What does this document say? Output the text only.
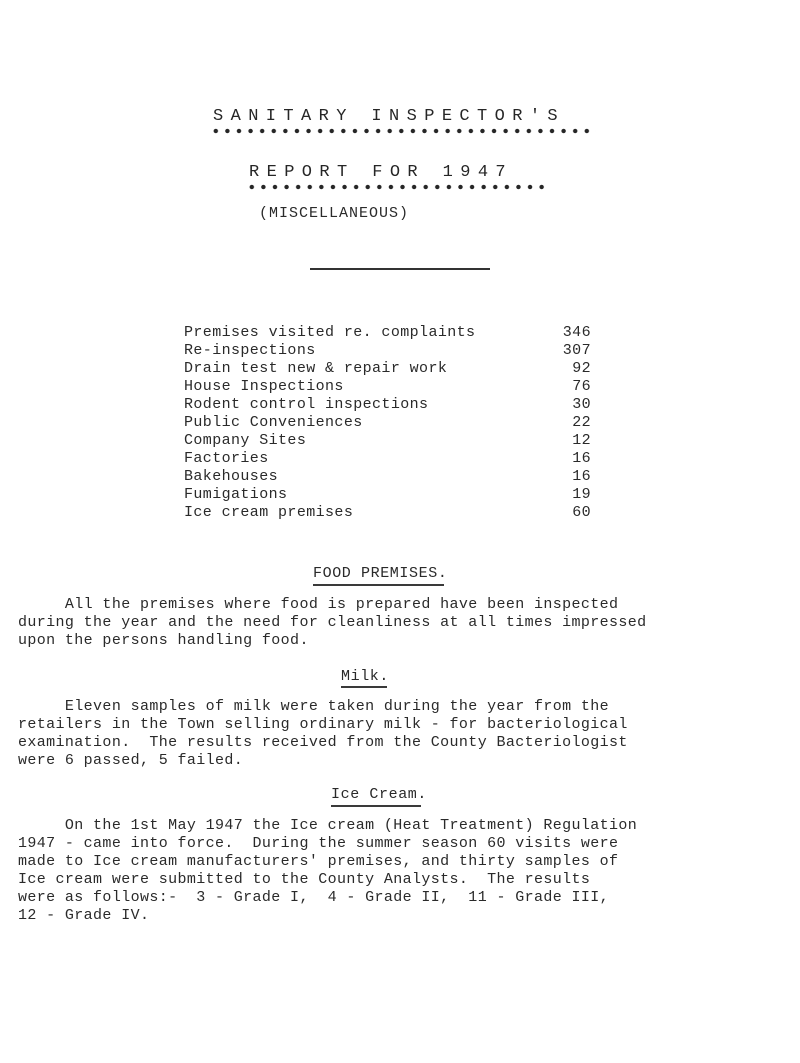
SANITARY INSPECTOR'S
REPORT FOR 1947
(MISCELLANEOUS)
Premises visited re. complaints	346
Re-inspections	307
Drain test new & repair work	92
House Inspections	76
Rodent control inspections	30
Public Conveniences	22
Company Sites	12
Factories	16
Bakehouses	16
Fumigations	19
Ice cream premises	60
FOOD PREMISES.
All the premises where food is prepared have been inspected
during the year and the need for cleanliness at all times impressed
upon the persons handling food.
Milk.
Eleven samples of milk were taken during the year from the
retailers in the Town selling ordinary milk - for bacteriological
examination.  The results received from the County Bacteriologist
were 6 passed, 5 failed.
Ice Cream.
On the 1st May 1947 the Ice cream (Heat Treatment) Regulation
1947 - came into force.  During the summer season 60 visits were
made to Ice cream manufacturers' premises, and thirty samples of
Ice cream were submitted to the County Analysts.  The results
were as follows:-  3 - Grade I,  4 - Grade II,  11 - Grade III,
12 - Grade IV.
